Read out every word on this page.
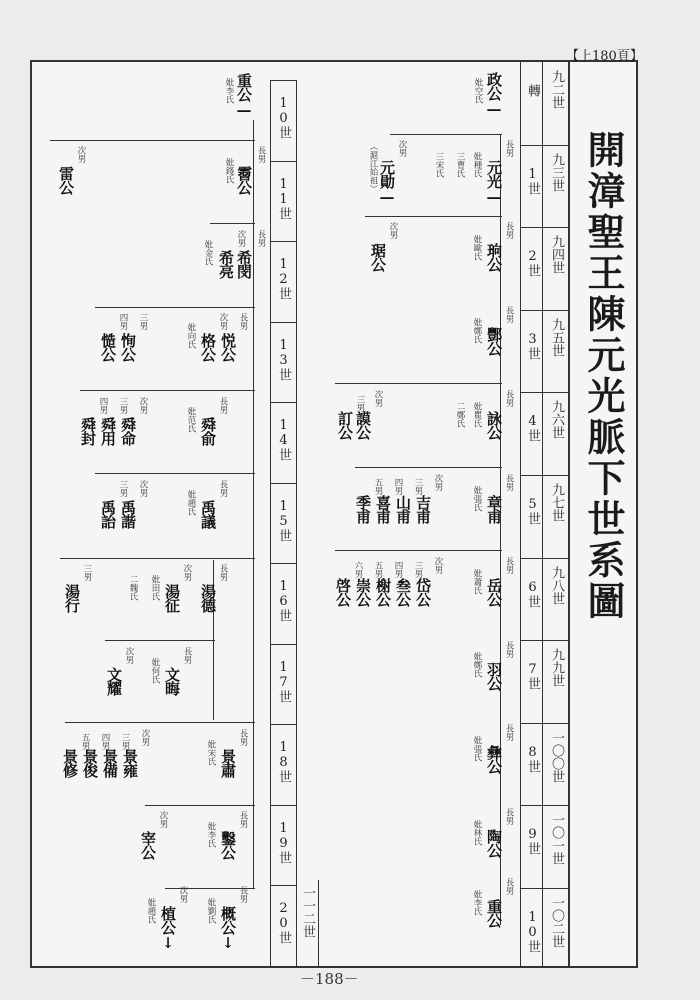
【上180頁】
開漳聖王陳元光脈下世系圖
九二世
轉
九三世
1世
九四世
2世
九五世
3世
九六世
4世
九七世
5世
九八世
6世
九九世
7世
一〇〇世
8世
一〇一世
9世
一〇二世
10世
10世
11世
12世
13世
14世
15世
16世
17世
18世
19世
20世 一一二世
政公—
妣空氏
長男
元光—
妣種氏
三曹氏
三宋氏
次男
元勛—
（滬江始祖）
長男
珦公
妣歐氏
次男
琚公
長男
酆公
妣鄭氏
長男
詠公
妣瞿氏
二鄭氏
次男
謨公
三男
訂公
長男
章甫
妣張氏
次男
吉甫
三男
山甫
四男
喜甫
五男
季甫
長男
岳公
妣蕭氏
次男
岱公
三男
叁公
四男
榭公
五男
崇公
六男
啓公
長男
羽公
妣鄭氏
長男
彝公
妣張氏
長男
陶公
妣林氏
長男
重公
妣李氏
重公—
妣李氏
長男
霫公
妣錢氏
次男
雷公
長男
希閔
次男
希亮
妣金氏
長男
悦公
次男
格公
妣向氏
三男
恂公
四男
慥公
長男
舜俞
妣范氏
次男
舜命
三男
舜用
四男
舜封
長男
禹議
妣趙氏
次男
禹諧
三男
禹詒
長男
湯德
次男
湯征
妣田氏
二魏氏
三男
湯行
長男
文晦
妣何氏
次男
文耀
長男
景肅
妣宋氏
次男
景雍
三男
景備
四男
景俊
五男
景修
長男
鑿公
妣李氏
次男
宰公
長男
概公↓
妣劉氏
次男
植公↓
妣趙氏
－188－
